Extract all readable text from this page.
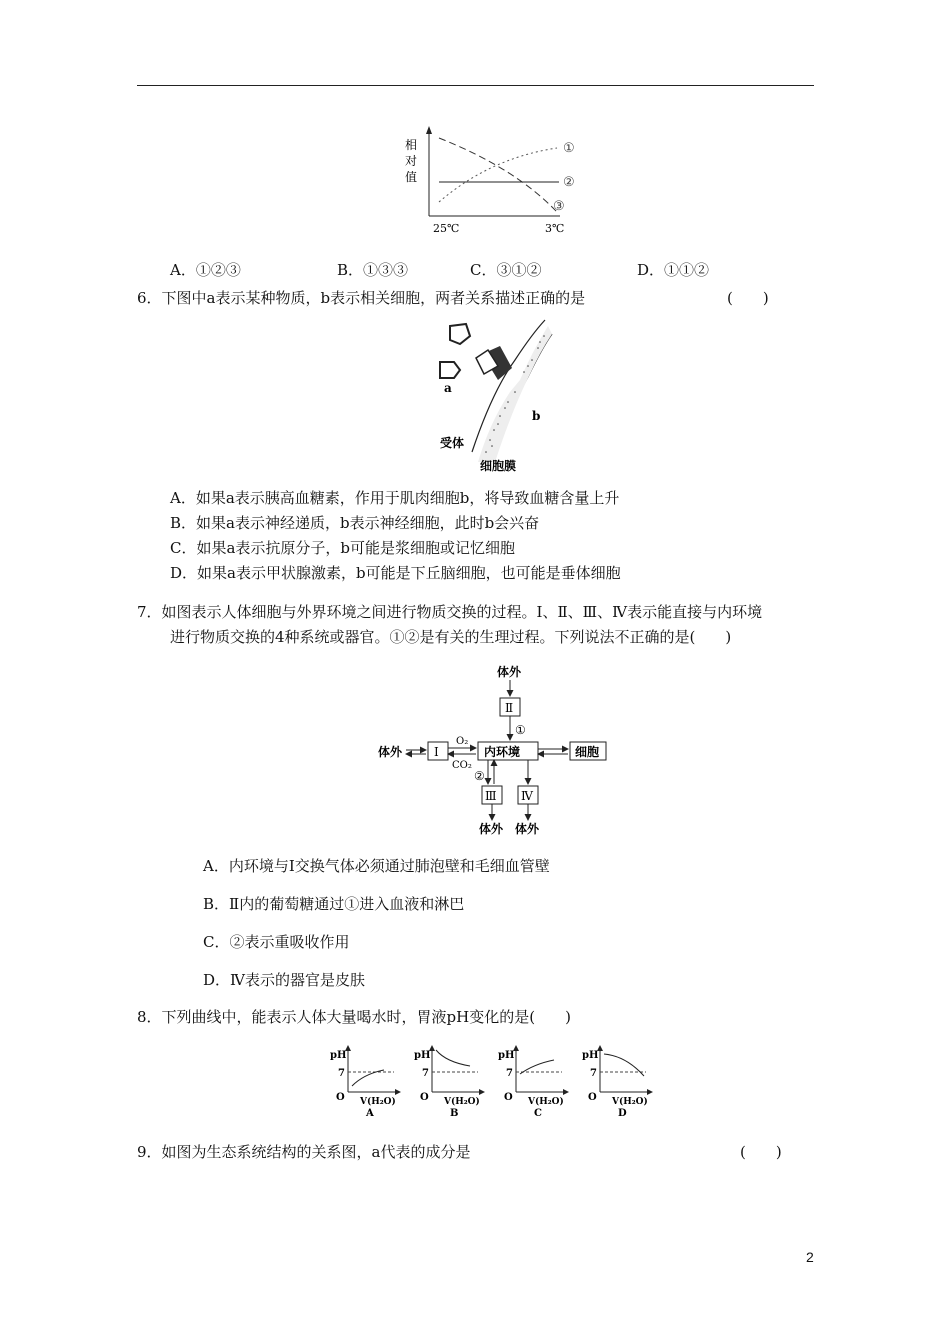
相
对
值
①
②
③
25℃	3℃
A．①②③	B．①③③	C．③①②	D．①①②
6．下图中a表示某种物质，b表示相关细胞，两者关系描述正确的是	(　　)
a
b
受体
细胞膜
A．如果a表示胰高血糖素，作用于肌肉细胞b，将导致血糖含量上升
B．如果a表示神经递质，b表示神经细胞，此时b会兴奋
C．如果a表示抗原分子，b可能是浆细胞或记忆细胞
D．如果a表示甲状腺激素，b可能是下丘脑细胞，也可能是垂体细胞
7．如图表示人体细胞与外界环境之间进行物质交换的过程。Ⅰ、Ⅱ、Ⅲ、Ⅳ表示能直接与内环境
进行物质交换的4种系统或器官。①②是有关的生理过程。下列说法不正确的是(　　)
体外
Ⅱ
①
体外	Ⅰ
O₂
CO₂
内环境	细胞
②
Ⅲ Ⅳ
体外 体外
A．内环境与Ⅰ交换气体必须通过肺泡壁和毛细血管壁
B．Ⅱ内的葡萄糖通过①进入血液和淋巴
C．②表示重吸收作用
D．Ⅳ表示的器官是皮肤
8．下列曲线中，能表示人体大量喝水时，胃液pH变化的是(　　)
pH
7
O V(H₂O)
A
pH
7
O V(H₂O)
B
pH
7
O V(H₂O)
C
pH
7
O V(H₂O)
D
9．如图为生态系统结构的关系图，a代表的成分是	(　　)
2
